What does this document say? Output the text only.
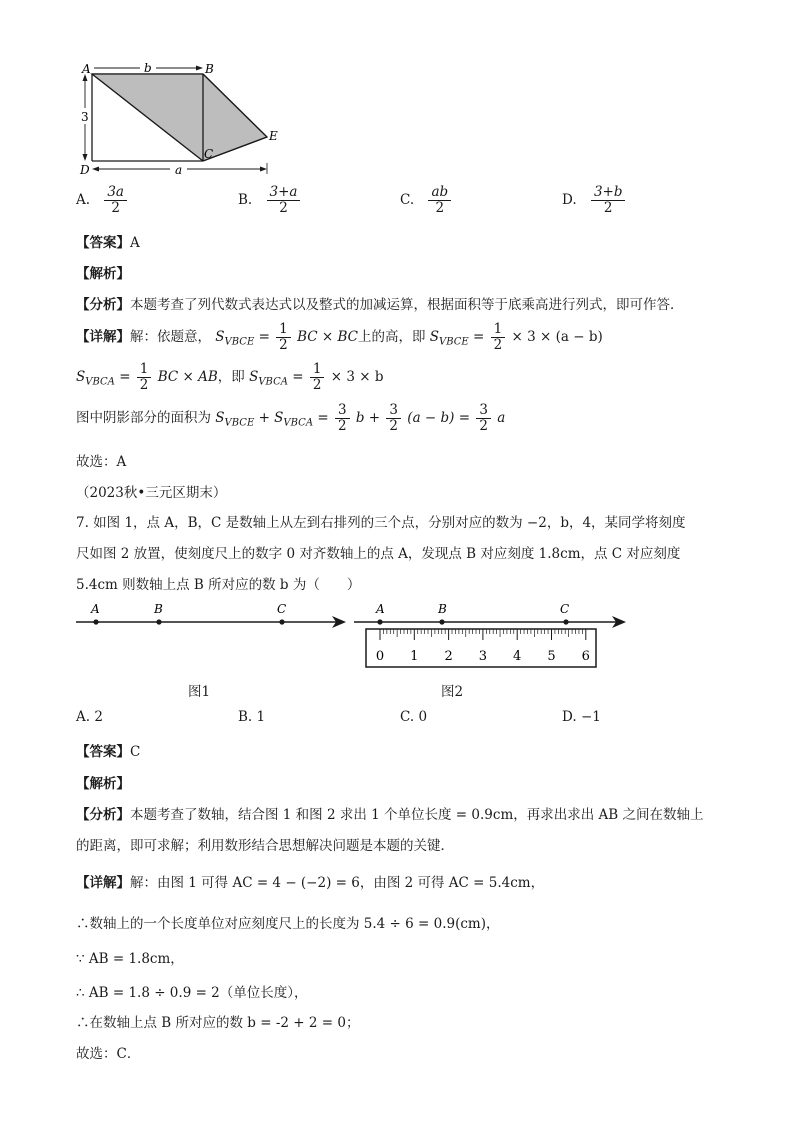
A	b	B
3
E
C
D	a
A. $\frac{3a}{2}$	B. $\frac{3+a}{2}$	C. $\frac{ab}{2}$	D. $\frac{3+b}{2}$
【答案】A
【解析】
【分析】本题考查了列代数式表达式以及整式的加减运算，根据面积等于底乘高进行列式，即可作答．
【详解】解：依题意， $S_{VBCE} = \frac{1}{2}$ BC × BC上的高，即 $S_{VBCE} = \frac{1}{2} \times 3 \times (a - b)$
$S_{VBCA} = \frac{1}{2}$ BC × AB，即 $S_{VBCA} = \frac{1}{2} \times 3 \times b$
图中阴影部分的面积为 $S_{VBCE} + S_{VBCA} = \frac{3}{2}$ $b + \frac{3}{2} (a - b) = \frac{3}{2}$ a
故选：A
（2023秋•三元区期末）
7. 如图 1，点 A，B，C 是数轴上从左到右排列的三个点，分别对应的数为 −2，b，4，某同学将刻度
尺如图 2 放置，使刻度尺上的数字 0 对齐数轴上的点 A，发现点 B 对应刻度 1.8cm，点 C 对应刻度
5.4cm 则数轴上点 B 所对应的数 b 为（　　）
A	B	C
图1
0 1 2 3 4 5 6
A	B	C
图2
A. 2	B. 1	C. 0	D. −1
【答案】C
【解析】
【分析】本题考查了数轴，结合图 1 和图 2 求出 1 个单位长度 = 0.9cm，再求出求出 AB 之间在数轴上
的距离，即可求解；利用数形结合思想解决问题是本题的关键．
【详解】解：由图 1 可得 AC = 4 − (−2) = 6，由图 2 可得 AC = 5.4cm，
∴数轴上的一个长度单位对应刻度尺上的长度为 5.4 ÷ 6 = 0.9(cm)，
∵ AB = 1.8cm，
∴ AB = 1.8 ÷ 0.9 = 2（单位长度），
∴在数轴上点 B 所对应的数 b = -2 + 2 = 0；
故选：C．
